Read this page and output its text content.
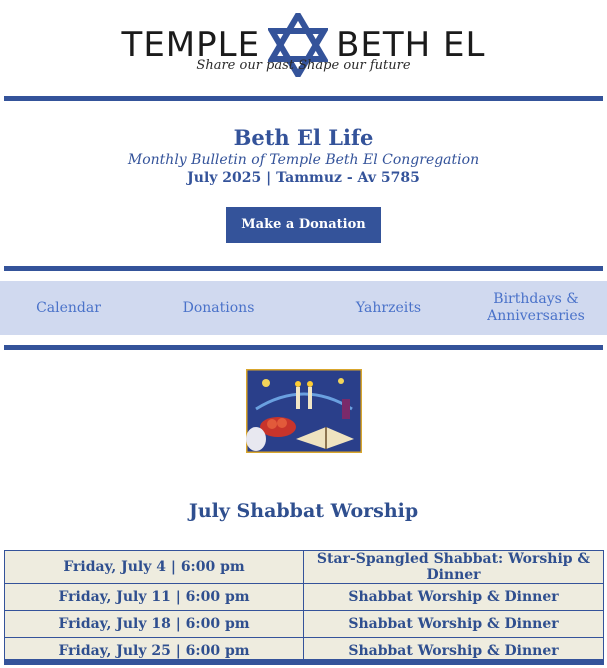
TEMPLE BETH EL
Share our past Shape our future
Beth El Life
Monthly Bulletin of Temple Beth El Congregation
July 2025 | Tammuz - Av 5785
Make a Donation
Calendar	Donations	Yahrzeits
Birthdays & Anniversaries
July Shabbat Worship
Friday, July 4 | 6:00 pm	Star-Spangled Shabbat: Worship & Dinner
Friday, July 11 | 6:00 pm	Shabbat Worship & Dinner
Friday, July 18 | 6:00 pm	Shabbat Worship & Dinner
Friday, July 25 | 6:00 pm	Shabbat Worship & Dinner
